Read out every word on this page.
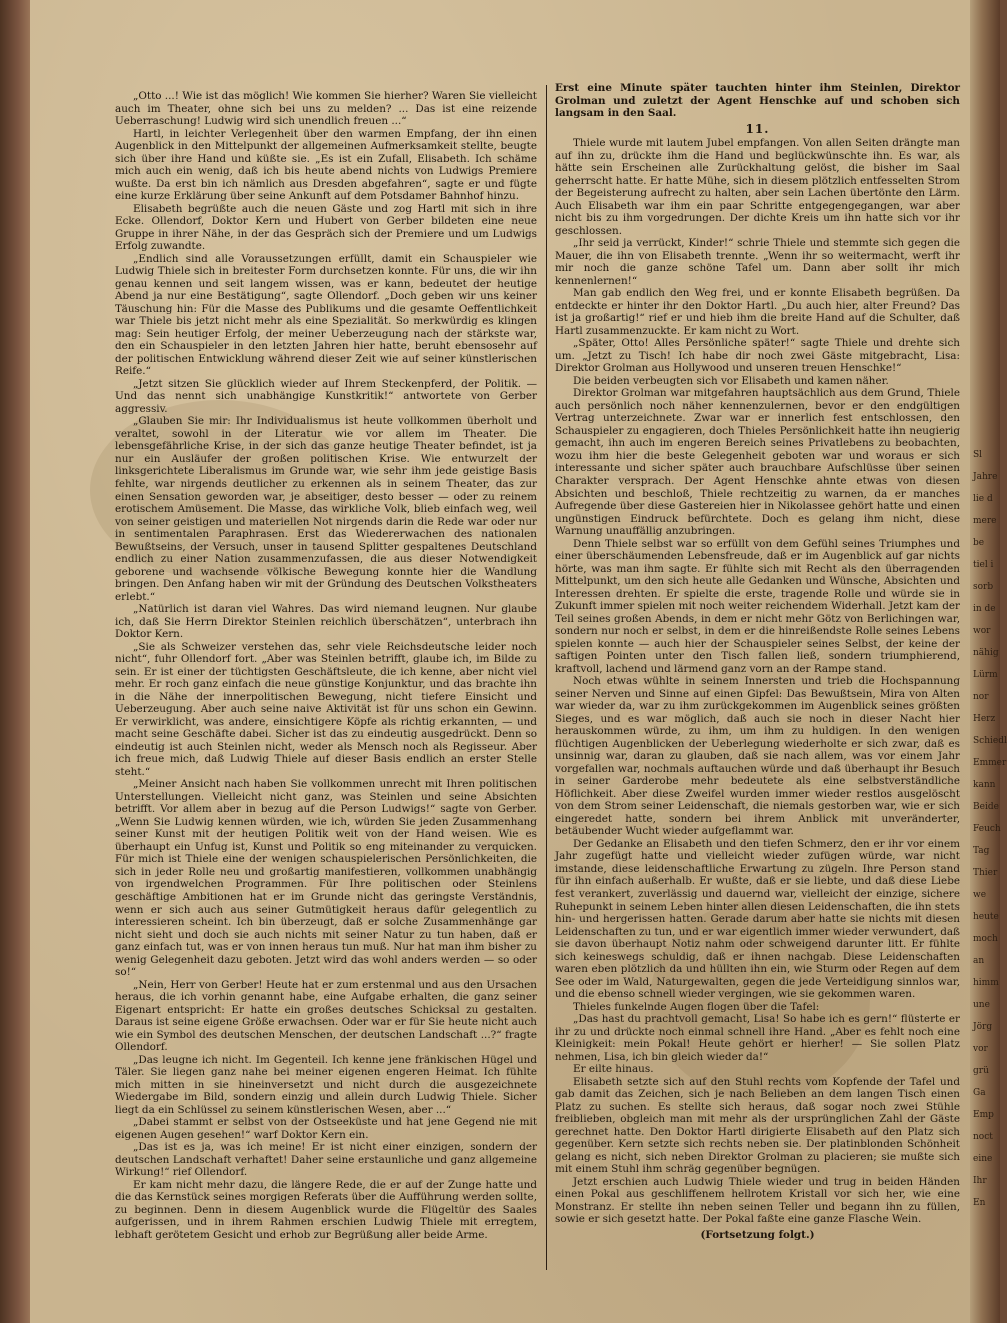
„Otto ...! Wie ist das möglich! Wie kommen Sie hierher? Waren Sie vielleicht auch im Theater, ohne sich bei uns zu melden? ... Das ist eine reizende Ueberraschung! Ludwig wird sich unendlich freuen ...“

Hartl, in leichter Verlegenheit über den warmen Empfang, der ihn einen Augenblick in den Mittelpunkt der allgemeinen Aufmerksamkeit stellte, beugte sich über ihre Hand und küßte sie. „Es ist ein Zufall, Elisabeth. Ich schäme mich auch ein wenig, daß ich bis heute abend nichts von Ludwigs Premiere wußte. Da erst bin ich nämlich aus Dresden abgefahren“, sagte er und fügte eine kurze Erklärung über seine Ankunft auf dem Potsdamer Bahnhof hinzu.

Elisabeth begrüßte auch die neuen Gäste und zog Hartl mit sich in ihre Ecke. Ollendorf, Doktor Kern und Hubert von Gerber bildeten eine neue Gruppe in ihrer Nähe, in der das Gespräch sich der Premiere und um Ludwigs Erfolg zuwandte.

„Endlich sind alle Voraussetzungen erfüllt, damit ein Schauspieler wie Ludwig Thiele sich in breitester Form durchsetzen konnte. Für uns, die wir ihn genau kennen und seit langem wissen, was er kann, bedeutet der heutige Abend ja nur eine Bestätigung“, sagte Ollendorf. „Doch geben wir uns keiner Täuschung hin: Für die Masse des Publikums und die gesamte Oeffentlichkeit war Thiele bis jetzt nicht mehr als eine Spezialität. So merkwürdig es klingen mag: Sein heutiger Erfolg, der meiner Ueberzeugung nach der stärkste war, den ein Schauspieler in den letzten Jahren hier hatte, beruht ebensosehr auf der politischen Entwicklung während dieser Zeit wie auf seiner künstlerischen Reife.“

„Jetzt sitzen Sie glücklich wieder auf Ihrem Steckenpferd, der Politik. — Und das nennt sich unabhängige Kunstkritik!“ antwortete von Gerber aggressiv.

„Glauben Sie mir: Ihr Individualismus ist heute vollkommen überholt und veraltet, sowohl in der Literatur wie vor allem im Theater. Die lebensgefährliche Krise, in der sich das ganze heutige Theater befindet, ist ja nur ein Ausläufer der großen politischen Krise. Wie entwurzelt der linksgerichtete Liberalismus im Grunde war, wie sehr ihm jede geistige Basis fehlte, war nirgends deutlicher zu erkennen als in seinem Theater, das zur einen Sensation geworden war, je abseitiger, desto besser — oder zu reinem erotischem Amüsement. Die Masse, das wirkliche Volk, blieb einfach weg, weil von seiner geistigen und materiellen Not nirgends darin die Rede war oder nur in sentimentalen Paraphrasen. Erst das Wiedererwachen des nationalen Bewußtseins, der Versuch, unser in tausend Splitter gespaltenes Deutschland endlich zu einer Nation zusammenzufassen, die aus dieser Notwendigkeit geborene und wachsende völkische Bewegung konnte hier die Wandlung bringen. Den Anfang haben wir mit der Gründung des Deutschen Volkstheaters erlebt.“

„Natürlich ist daran viel Wahres. Das wird niemand leugnen. Nur glaube ich, daß Sie Herrn Direktor Steinlen reichlich überschätzen“, unterbrach ihn Doktor Kern.

„Sie als Schweizer verstehen das, sehr viele Reichsdeutsche leider noch nicht“, fuhr Ollendorf fort. „Aber was Steinlen betrifft, glaube ich, im Bilde zu sein. Er ist einer der tüchtigsten Geschäftsleute, die ich kenne, aber nicht viel mehr. Er roch ganz einfach die neue günstige Konjunktur, und das brachte ihn in die Nähe der innerpolitischen Bewegung, nicht tiefere Einsicht und Ueberzeugung. Aber auch seine naive Aktivität ist für uns schon ein Gewinn. Er verwirklicht, was andere, einsichtigere Köpfe als richtig erkannten, — und macht seine Geschäfte dabei. Sicher ist das zu eindeutig ausgedrückt. Denn so eindeutig ist auch Steinlen nicht, weder als Mensch noch als Regisseur. Aber ich freue mich, daß Ludwig Thiele auf dieser Basis endlich an erster Stelle steht.“

„Meiner Ansicht nach haben Sie vollkommen unrecht mit Ihren politischen Unterstellungen. Vielleicht nicht ganz, was Steinlen und seine Absichten betrifft. Vor allem aber in bezug auf die Person Ludwigs!“ sagte von Gerber. „Wenn Sie Ludwig kennen würden, wie ich, würden Sie jeden Zusammenhang seiner Kunst mit der heutigen Politik weit von der Hand weisen. Wie es überhaupt ein Unfug ist, Kunst und Politik so eng miteinander zu verquicken. Für mich ist Thiele eine der wenigen schauspielerischen Persönlichkeiten, die sich in jeder Rolle neu und großartig manifestieren, vollkommen unabhängig von irgendwelchen Programmen. Für Ihre politischen oder Steinlens geschäftige Ambitionen hat er im Grunde nicht das geringste Verständnis, wenn er sich auch aus seiner Gutmütigkeit heraus dafür gelegentlich zu interessieren scheint. Ich bin überzeugt, daß er solche Zusammenhänge gar nicht sieht und doch sie auch nichts mit seiner Natur zu tun haben, daß er ganz einfach tut, was er von innen heraus tun muß. Nur hat man ihm bisher zu wenig Gelegenheit dazu geboten. Jetzt wird das wohl anders werden — so oder so!“

„Nein, Herr von Gerber! Heute hat er zum erstenmal und aus den Ursachen heraus, die ich vorhin genannt habe, eine Aufgabe erhalten, die ganz seiner Eigenart entspricht: Er hatte ein großes deutsches Schicksal zu gestalten. Daraus ist seine eigene Größe erwachsen. Oder war er für Sie heute nicht auch wie ein Symbol des deutschen Menschen, der deutschen Landschaft ...?“ fragte Ollendorf.

„Das leugne ich nicht. Im Gegenteil. Ich kenne jene fränkischen Hügel und Täler. Sie liegen ganz nahe bei meiner eigenen engeren Heimat. Ich fühlte mich mitten in sie hineinversetzt und nicht durch die ausgezeichnete Wiedergabe im Bild, sondern einzig und allein durch Ludwig Thiele. Sicher liegt da ein Schlüssel zu seinem künstlerischen Wesen, aber ...“

„Dabei stammt er selbst von der Ostseeküste und hat jene Gegend nie mit eigenen Augen gesehen!“ warf Doktor Kern ein.

„Das ist es ja, was ich meine! Er ist nicht einer einzigen, sondern der deutschen Landschaft verhaftet! Daher seine erstaunliche und ganz allgemeine Wirkung!“ rief Ollendorf.

Er kam nicht mehr dazu, die längere Rede, die er auf der Zunge hatte und die das Kernstück seines morgigen Referats über die Aufführung werden sollte, zu beginnen. Denn in diesem Augenblick wurde die Flügeltür des Saales aufgerissen, und in ihrem Rahmen erschien Ludwig Thiele mit erregtem, lebhaft gerötetem Gesicht und erhob zur Begrüßung aller beide Arme.

Erst eine Minute später tauchten hinter ihm Steinlen, Direktor Grolman und zuletzt der Agent Henschke auf und schoben sich langsam in den Saal.

11.

Thiele wurde mit lautem Jubel empfangen. Von allen Seiten drängte man auf ihn zu, drückte ihm die Hand und beglückwünschte ihn. Es war, als hätte sein Erscheinen alle Zurückhaltung gelöst, die bisher im Saal geherrscht hatte. Er hatte Mühe, sich in diesem plötzlich entfesselten Strom der Begeisterung aufrecht zu halten, aber sein Lachen übertönte den Lärm. Auch Elisabeth war ihm ein paar Schritte entgegengegangen, war aber nicht bis zu ihm vorgedrungen. Der dichte Kreis um ihn hatte sich vor ihr geschlossen.

„Ihr seid ja verrückt, Kinder!“ schrie Thiele und stemmte sich gegen die Mauer, die ihn von Elisabeth trennte. „Wenn ihr so weitermacht, werft ihr mir noch die ganze schöne Tafel um. Dann aber sollt ihr mich kennenlernen!“

Man gab endlich den Weg frei, und er konnte Elisabeth begrüßen. Da entdeckte er hinter ihr den Doktor Hartl. „Du auch hier, alter Freund? Das ist ja großartig!“ rief er und hieb ihm die breite Hand auf die Schulter, daß Hartl zusammenzuckte. Er kam nicht zu Wort.

„Später, Otto! Alles Persönliche später!“ sagte Thiele und drehte sich um. „Jetzt zu Tisch! Ich habe dir noch zwei Gäste mitgebracht, Lisa: Direktor Grolman aus Hollywood und unseren treuen Henschke!“

Die beiden verbeugten sich vor Elisabeth und kamen näher.

Direktor Grolman war mitgefahren hauptsächlich aus dem Grund, Thiele auch persönlich noch näher kennenzulernen, bevor er den endgültigen Vertrag unterzeichnete. Zwar war er innerlich fest entschlossen, den Schauspieler zu engagieren, doch Thieles Persönlichkeit hatte ihn neugierig gemacht, ihn auch im engeren Bereich seines Privatlebens zu beobachten, wozu ihm hier die beste Gelegenheit geboten war und woraus er sich interessante und sicher später auch brauchbare Aufschlüsse über seinen Charakter versprach. Der Agent Henschke ahnte etwas von diesen Absichten und beschloß, Thiele rechtzeitig zu warnen, da er manches Aufregende über diese Gastereien hier in Nikolassee gehört hatte und einen ungünstigen Eindruck befürchtete. Doch es gelang ihm nicht, diese Warnung unauffällig anzubringen.

Denn Thiele selbst war so erfüllt von dem Gefühl seines Triumphes und einer überschäumenden Lebensfreude, daß er im Augenblick auf gar nichts hörte, was man ihm sagte. Er fühlte sich mit Recht als den überragenden Mittelpunkt, um den sich heute alle Gedanken und Wünsche, Absichten und Interessen drehten. Er spielte die erste, tragende Rolle und würde sie in Zukunft immer spielen mit noch weiter reichendem Widerhall. Jetzt kam der Teil seines großen Abends, in dem er nicht mehr Götz von Berlichingen war, sondern nur noch er selbst, in dem er die hinreißendste Rolle seines Lebens spielen konnte — auch hier der Schauspieler seines Selbst, der keine der saftigen Pointen unter den Tisch fallen ließ, sondern triumphierend, kraftvoll, lachend und lärmend ganz vorn an der Rampe stand.

Noch etwas wühlte in seinem Innersten und trieb die Hochspannung seiner Nerven und Sinne auf einen Gipfel: Das Bewußtsein, Mira von Alten war wieder da, war zu ihm zurückgekommen im Augenblick seines größten Sieges, und es war möglich, daß auch sie noch in dieser Nacht hier herauskommen würde, zu ihm, um ihm zu huldigen. In den wenigen flüchtigen Augenblicken der Ueberlegung wiederholte er sich zwar, daß es unsinnig war, daran zu glauben, daß sie nach allem, was vor einem Jahr vorgefallen war, nochmals auftauchen würde und daß überhaupt ihr Besuch in seiner Garderobe mehr bedeutete als eine selbstverständliche Höflichkeit. Aber diese Zweifel wurden immer wieder restlos ausgelöscht von dem Strom seiner Leidenschaft, die niemals gestorben war, wie er sich eingeredet hatte, sondern bei ihrem Anblick mit unveränderter, betäubender Wucht wieder aufgeflammt war.

Der Gedanke an Elisabeth und den tiefen Schmerz, den er ihr vor einem Jahr zugefügt hatte und vielleicht wieder zufügen würde, war nicht imstande, diese leidenschaftliche Erwartung zu zügeln. Ihre Person stand für ihn einfach außerhalb. Er wußte, daß er sie liebte, und daß diese Liebe fest verankert, zuverlässig und dauernd war, vielleicht der einzige, sichere Ruhepunkt in seinem Leben hinter allen diesen Leidenschaften, die ihn stets hin- und hergerissen hatten. Gerade darum aber hatte sie nichts mit diesen Leidenschaften zu tun, und er war eigentlich immer wieder verwundert, daß sie davon überhaupt Notiz nahm oder schweigend darunter litt. Er fühlte sich keineswegs schuldig, daß er ihnen nachgab. Diese Leidenschaften waren eben plötzlich da und hüllten ihn ein, wie Sturm oder Regen auf dem See oder im Wald, Naturgewalten, gegen die jede Verteidigung sinnlos war, und die ebenso schnell wieder vergingen, wie sie gekommen waren.

Thieles funkelnde Augen flogen über die Tafel:

„Das hast du prachtvoll gemacht, Lisa! So habe ich es gern!“ flüsterte er ihr zu und drückte noch einmal schnell ihre Hand. „Aber es fehlt noch eine Kleinigkeit: mein Pokal! Heute gehört er hierher! — Sie sollen Platz nehmen, Lisa, ich bin gleich wieder da!“

Er eilte hinaus.

Elisabeth setzte sich auf den Stuhl rechts vom Kopfende der Tafel und gab damit das Zeichen, sich je nach Belieben an dem langen Tisch einen Platz zu suchen. Es stellte sich heraus, daß sogar noch zwei Stühle freiblieben, obgleich man mit mehr als der ursprünglichen Zahl der Gäste gerechnet hatte. Den Doktor Hartl dirigierte Elisabeth auf den Platz sich gegenüber. Kern setzte sich rechts neben sie. Der platinblonden Schönheit gelang es nicht, sich neben Direktor Grolman zu placieren; sie mußte sich mit einem Stuhl ihm schräg gegenüber begnügen.

Jetzt erschien auch Ludwig Thiele wieder und trug in beiden Händen einen Pokal aus geschliffenem hellrotem Kristall vor sich her, wie eine Monstranz. Er stellte ihn neben seinen Teller und begann ihn zu füllen, sowie er sich gesetzt hatte. Der Pokal faßte eine ganze Flasche Wein.

(Fortsetzung folgt.)
Sl
Jahre
lie d
mere
be
tiel i
sorb
in de
wor
nähig
Lürm
nor
Herz
Schiedl
Emmer
kann
Beide
Feuch
Tag
Thier
we
heute
moch
an
himm
une
Jörg
vor
grü
Ga
Emp
noct
eine
Ihr
En
